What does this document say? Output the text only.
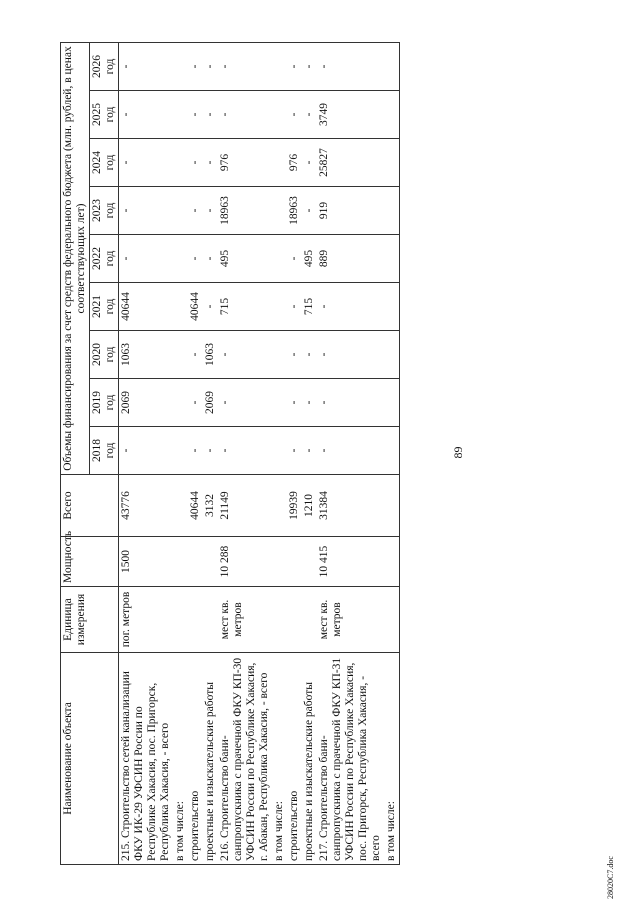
89
Наименование объекта	Единица измерения	Мощность	Всего	Объемы финансирования за счет средств федерального бюджета (млн. рублей, в ценах соответствующих лет)								
				2018 год	2019 год	2020 год	2021 год	2022 год	2023 год	2024 год	2025 год	2026 год
215. Строительство сетей канализации ФКУ ИК-29 УФСИН России по Республике Хакасия, пос. Пригорск, Республика Хакасия, - всего	пог. метров	1500	43776	-	2069	1063	40644	-	-	-	-	-
в том числе:												
строительство			40644	-	-	-	40644	-	-	-	-	-
проектные и изыскательские работы			3132	-	2069	1063	-	-	-	-	-	-
216. Строительство бани-санпропускника с прачечной ФКУ КП-30 УФСИН России по Республике Хакасия, г. Абакан, Республика Хакасия, - всего	мест кв. метров	10 288	21149	-	-	-	715	495	18963	976	-	-
в том числе:												
строительство			19939	-	-	-	-	-	18963	976	-	-
проектные и изыскательские работы			1210	-	-	-	715	495	-	-	-	-
217. Строительство бани-санпропускника с прачечной ФКУ КП-31 УФСИН России по Республике Хакасия, пос. Пригорск, Республика Хакасия, - всего	мест кв. метров	10 415	31384	-	-	-	-	889	919	25827	3749	-
в том числе:												
28020C7.doc
